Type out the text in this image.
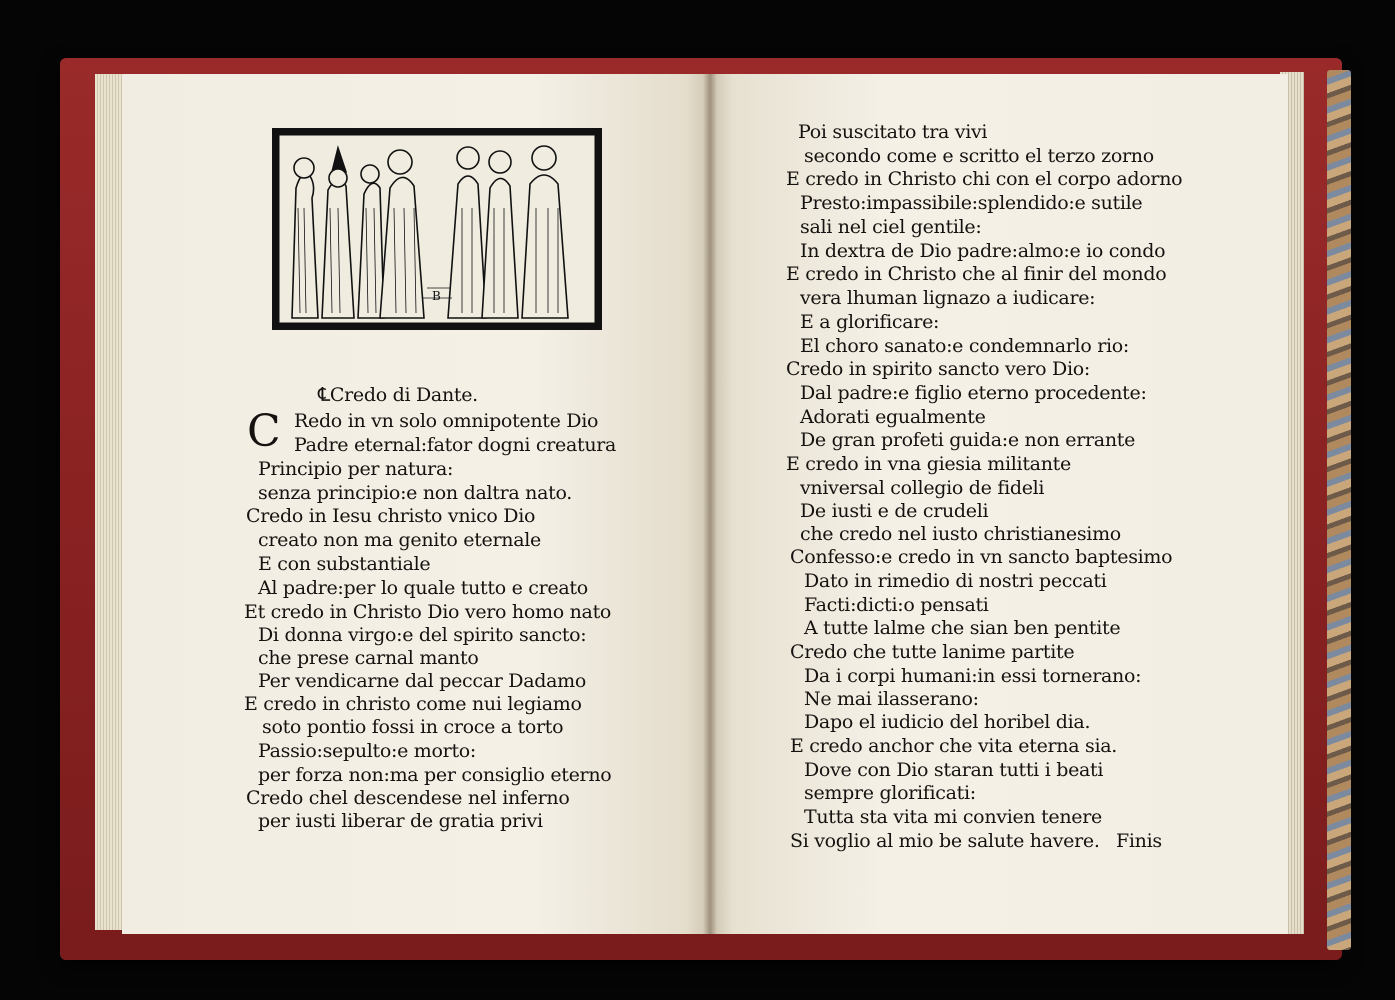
B
℄Credo di Dante.
C Redo in vn solo omnipotente Dio
Padre eternal:fator dogni creatura
Principio per natura:
senza principio:e non daltra nato.
Credo in Iesu christo vnico Dio
creato non ma genito eternale
E con substantiale
Al padre:per lo quale tutto e creato
Et credo in Christo Dio vero homo nato
Di donna virgo:e del spirito sancto:
che prese carnal manto
Per vendicarne dal peccar Dadamo
E credo in christo come nui legiamo
soto pontio fossi in croce a torto
Passio:sepulto:e morto:
per forza non:ma per consiglio eterno
Credo chel descendese nel inferno
per iusti liberar de gratia privi
Poi suscitato tra vivi
secondo come e scritto el terzo zorno
E credo in Christo chi con el corpo adorno
Presto:impassibile:splendido:e sutile
sali nel ciel gentile:
In dextra de Dio padre:almo:e io condo
E credo in Christo che al finir del mondo
vera lhuman lignazo a iudicare:
E a glorificare:
El choro sanato:e condemnarlo rio:
Credo in spirito sancto vero Dio:
Dal padre:e figlio eterno procedente:
Adorati egualmente
De gran profeti guida:e non errante
E credo in vna giesia militante
vniversal collegio de fideli
De iusti e de crudeli
che credo nel iusto christianesimo
Confesso:e credo in vn sancto baptesimo
Dato in rimedio di nostri peccati
Facti:dicti:o pensati
A tutte lalme che sian ben pentite
Credo che tutte lanime partite
Da i corpi humani:in essi tornerano:
Ne mai ilasserano:
Dapo el iudicio del horibel dia.
E credo anchor che vita eterna sia.
Dove con Dio staran tutti i beati
sempre glorificati:
Tutta sta vita mi convien tenere
Si voglio al mio be salute havere. Finis
